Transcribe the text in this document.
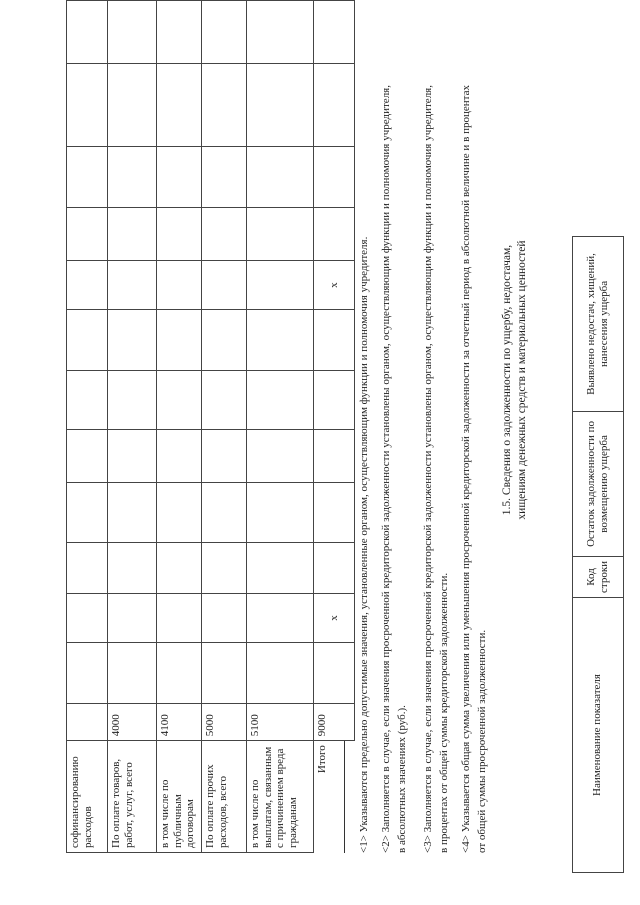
софинансированию расходов													
По оплате товаров, работ, услуг, всего	4000												
в том числе по публичным договорам	4100												
По оплате прочих расходов, всего	5000												
в том числе по выплатам, связанным с причинением вреда гражданам	5100												
Итого	9000		x						x				<1> Указываются предельно допустимые значения, установленные органом, осуществляющим функции и полномочия учредителя. <2> Заполняется в случае, если значения просроченной кредиторской задолженности установлены органом, осуществляющим функции и полномочия учредителя, в абсолютных значениях (руб.). <3> Заполняется в случае, если значения просроченной кредиторской задолженности установлены органом, осуществляющим функции и полномочия учредителя, в процентах от общей суммы кредиторской задолженности. <4> Указывается общая сумма увеличения или уменьшения просроченной кредиторской задолженности за отчетный период в абсолютной величине и в процентах от общей суммы просроченной задолженности.

1.5. Сведения о задолженности по ущербу, недостачам, хищениям денежных средств и материальных ценностей
Наименование показателя	Код строки	Остаток задолженности по возмещению ущерба	Выявлено недостач, хищений, нанесения ущерба
